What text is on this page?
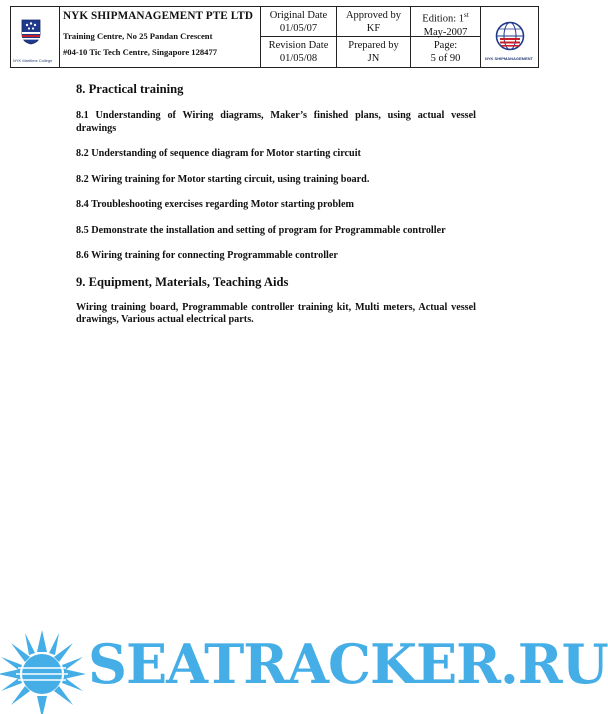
NYK Maritime College
NYK SHIPMANAGEMENT PTE LTD
Training Centre, No 25 Pandan Crescent
#04-10 Tic Tech Centre, Singapore 128477
Original Date
01/05/07
Revision Date
01/05/08
Approved by
KF
Prepared by
JN
Edition: 1st
May-2007
Page:
5 of 90	NYK SHIPMANAGEMENT
8. Practical training

8.1 Understanding of Wiring diagrams, Maker’s finished plans, using actual vessel drawings

8.2 Understanding of sequence diagram for Motor starting circuit

8.2 Wiring training for Motor starting circuit, using training board.

8.4 Troubleshooting exercises regarding Motor starting problem

8.5 Demonstrate the installation and setting of program for Programmable controller

8.6 Wiring training for connecting Programmable controller

9. Equipment, Materials, Teaching Aids

Wiring training board, Programmable controller training kit, Multi meters, Actual vessel drawings, Various actual electrical parts.

SEATRACKER.RU
